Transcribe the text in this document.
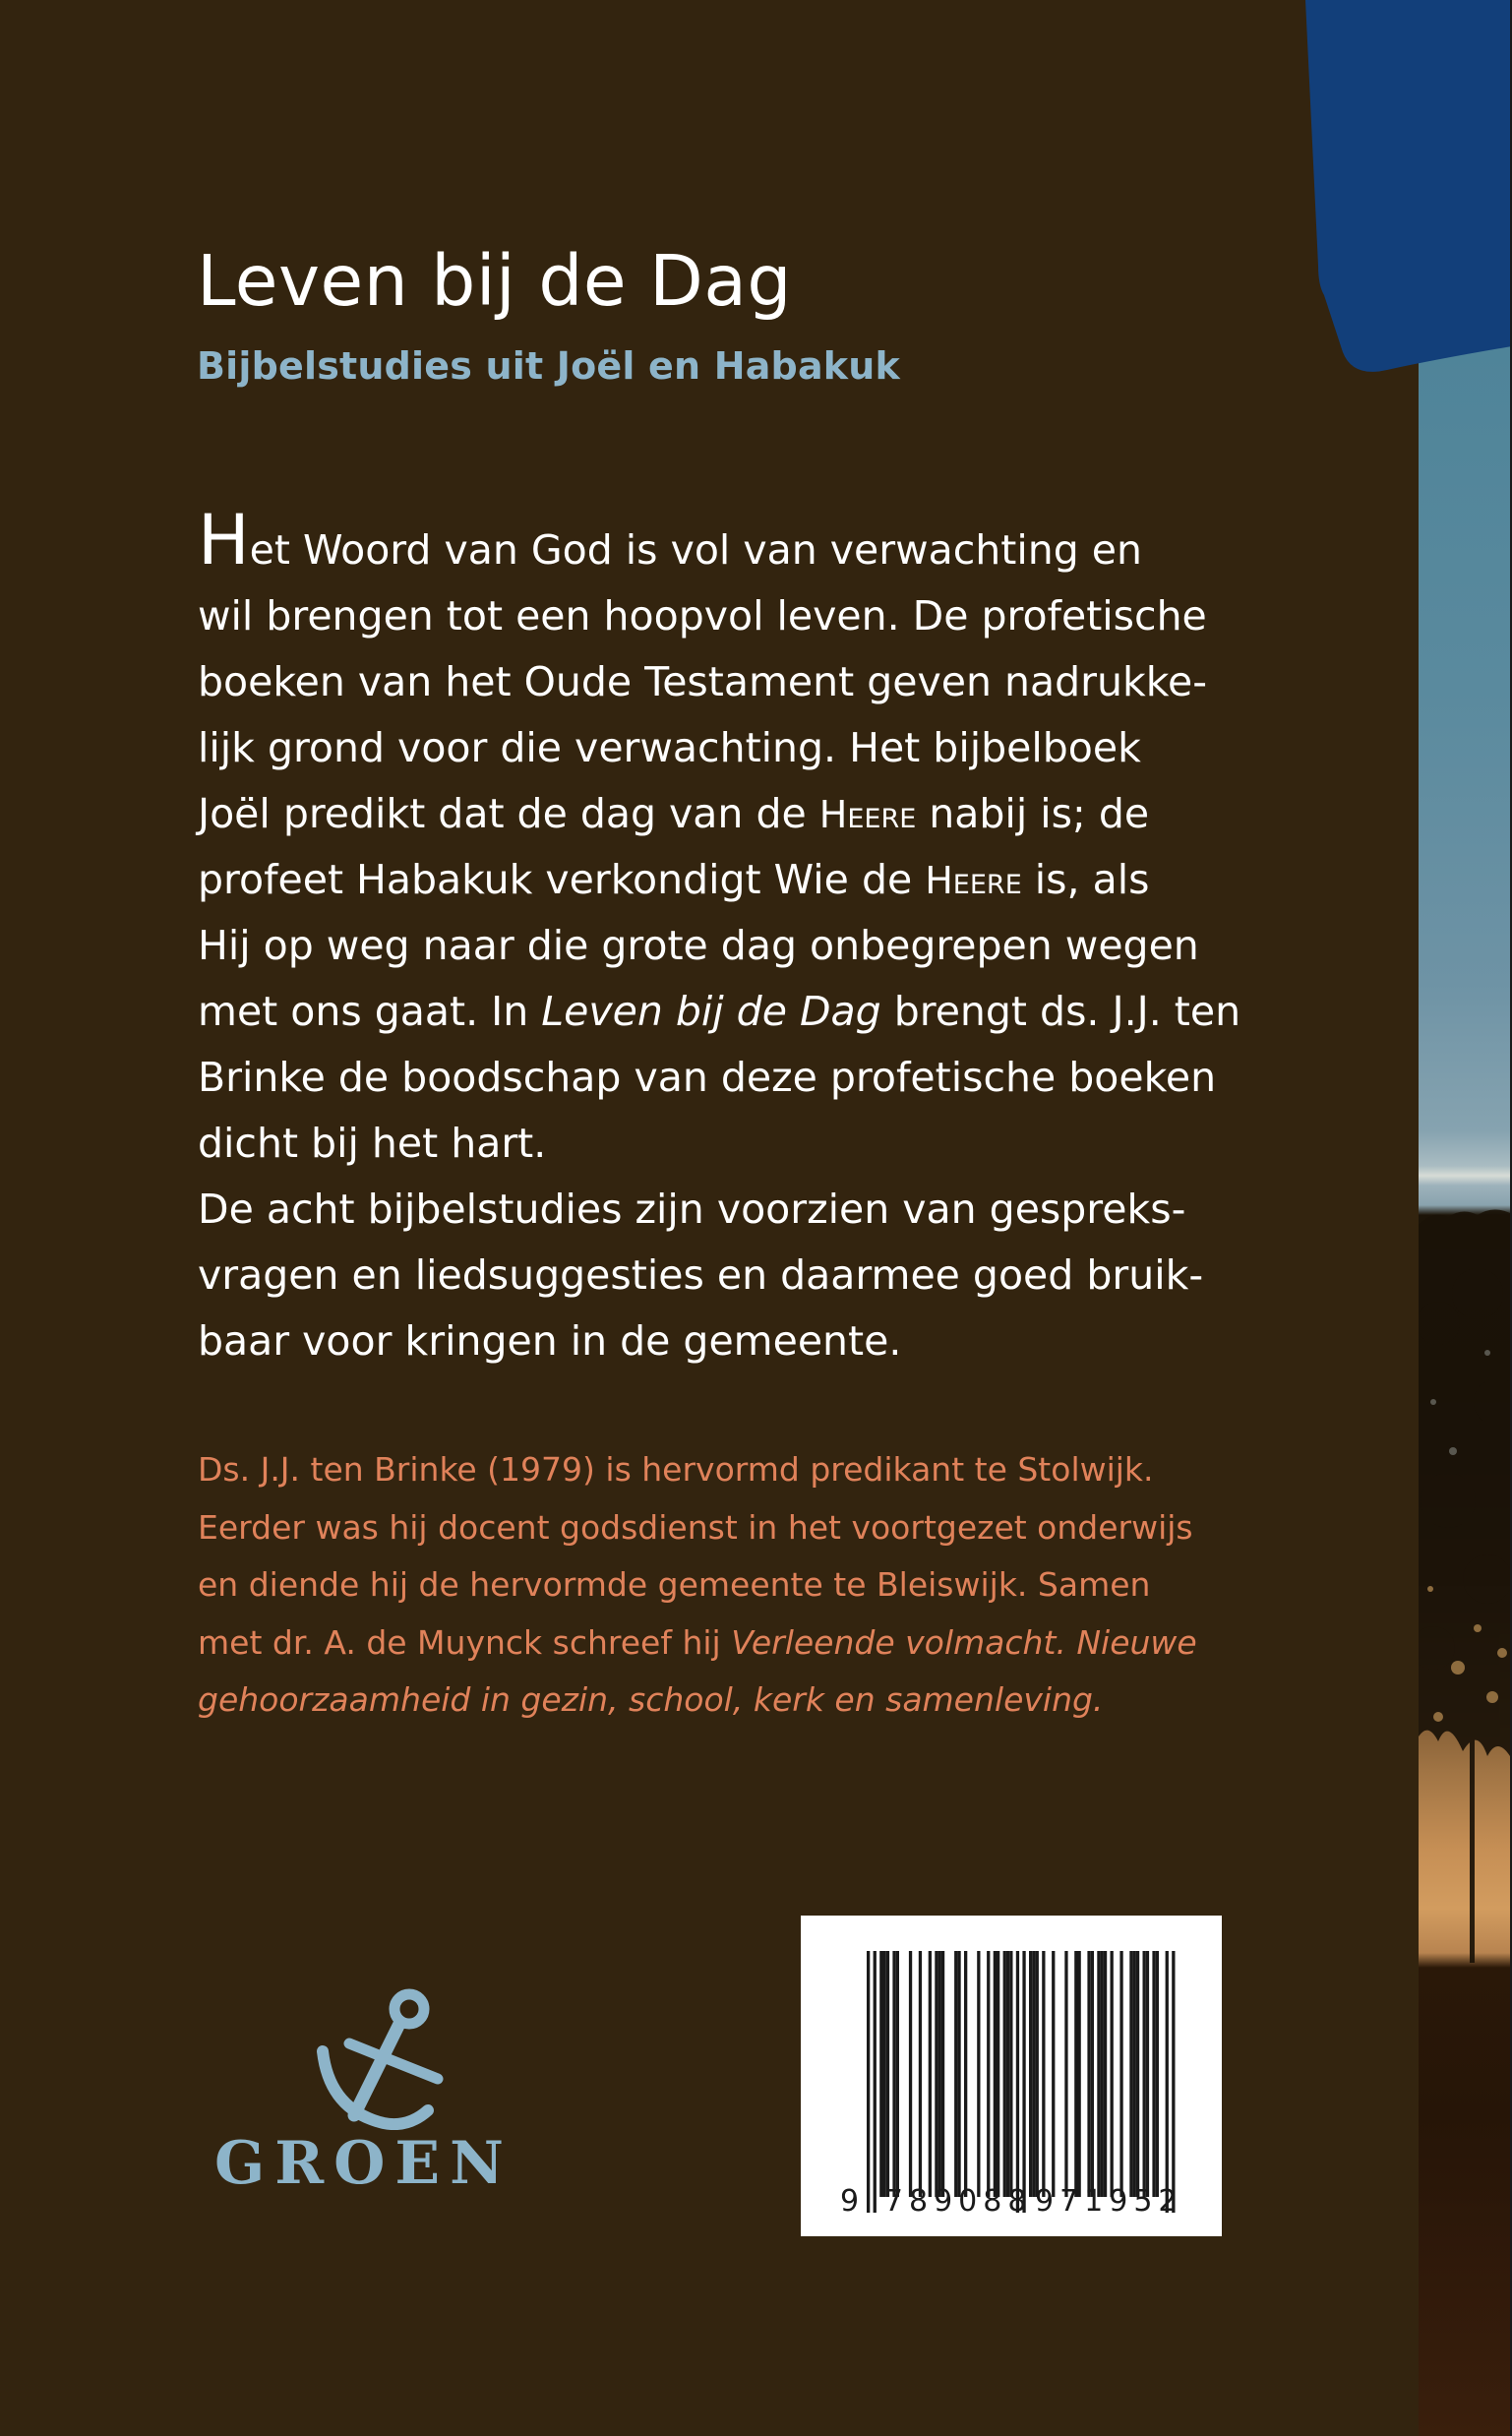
Leven bij de Dag
Bijbelstudies uit Joël en Habakuk
Het Woord van God is vol van verwachting en
wil brengen tot een hoopvol leven. De profetische
boeken van het Oude Testament geven nadrukke-
lijk grond voor die verwachting. Het bijbelboek
Joël predikt dat de dag van de Heere nabij is; de
profeet Habakuk verkondigt Wie de Heere is, als
Hij op weg naar die grote dag onbegrepen wegen
met ons gaat. In Leven bij de Dag brengt ds. J.J. ten
Brinke de boodschap van deze profetische boeken
dicht bij het hart.
De acht bijbelstudies zijn voorzien van gespreks-
vragen en liedsuggesties en daarmee goed bruik-
baar voor kringen in de gemeente.
Ds. J.J. ten Brinke (1979) is hervormd predikant te Stolwijk.
Eerder was hij docent godsdienst in het voortgezet onderwijs
en diende hij de hervormde gemeente te Bleiswijk. Samen
met dr. A. de Muynck schreef hij Verleende volmacht. Nieuwe
gehoorzaamheid in gezin, school, kerk en samenleving.
GROEN
9 789088 971952
